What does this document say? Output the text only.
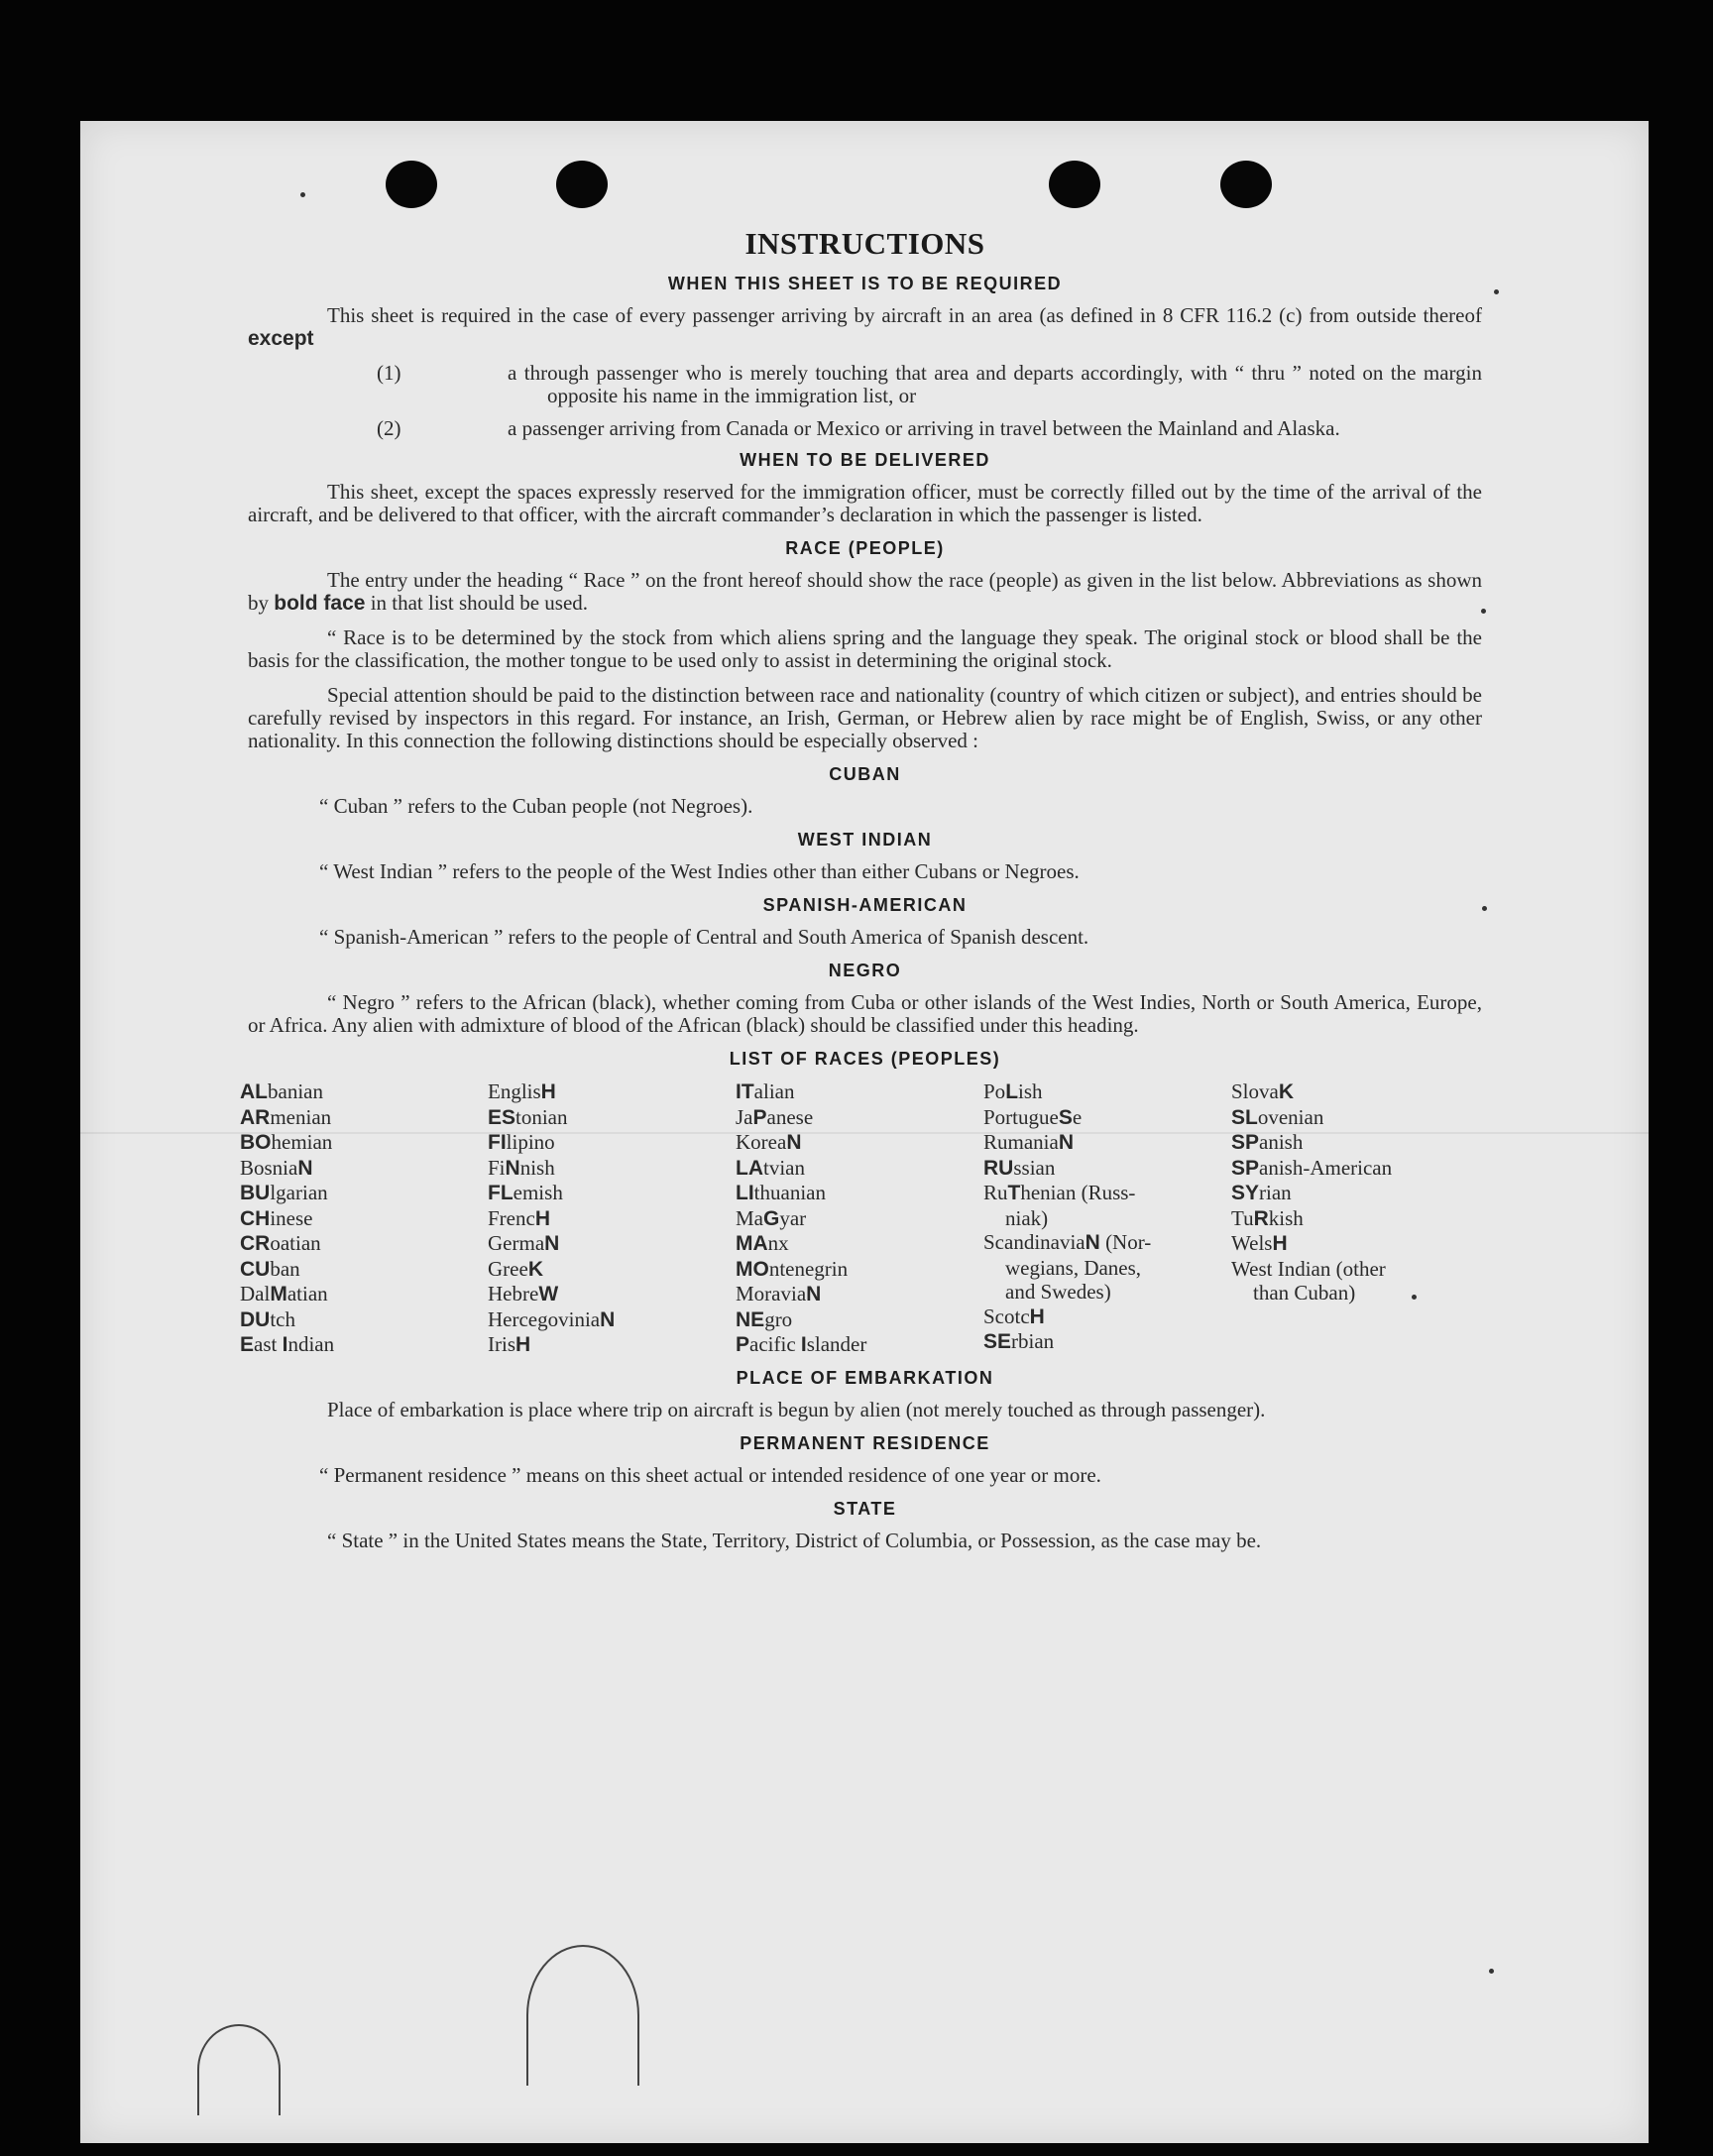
INSTRUCTIONS
WHEN THIS SHEET IS TO BE REQUIRED

This sheet is required in the case of every passenger arriving by aircraft in an area (as defined in 8 CFR 116.2 (c) from outside thereof except

(1)	a through passenger who is merely touching that area and departs accordingly, with “ thru ” noted on the margin opposite his name in the immigration list, or
(2)	a passenger arriving from Canada or Mexico or arriving in travel between the Mainland and Alaska.
WHEN TO BE DELIVERED

This sheet, except the spaces expressly reserved for the immigration officer, must be correctly filled out by the time of the arrival of the aircraft, and be delivered to that officer, with the aircraft commander’s declaration in which the passenger is listed.

RACE (PEOPLE)

The entry under the heading “ Race ” on the front hereof should show the race (people) as given in the list below. Abbreviations as shown by bold face in that list should be used.

“ Race is to be determined by the stock from which aliens spring and the language they speak. The original stock or blood shall be the basis for the classification, the mother tongue to be used only to assist in determining the original stock.

Special attention should be paid to the distinction between race and nationality (country of which citizen or subject), and entries should be carefully revised by inspectors in this regard. For instance, an Irish, German, or Hebrew alien by race might be of English, Swiss, or any other nationality. In this connection the following distinctions should be especially observed :

CUBAN
“ Cuban ” refers to the Cuban people (not Negroes).
WEST INDIAN
“ West Indian ” refers to the people of the West Indies other than either Cubans or Negroes.
SPANISH-AMERICAN
“ Spanish-American ” refers to the people of Central and South America of Spanish descent.
NEGRO

“ Negro ” refers to the African (black), whether coming from Cuba or other islands of the West Indies, North or South America, Europe, or Africa. Any alien with admixture of blood of the African (black) should be classified under this heading.

LIST OF RACES (PEOPLES)
ALbanian
ARmenian
BOhemian
BosniaN
BUlgarian
CHinese
CRoatian
CUban
DalMatian
DUtch
East Indian
EnglisH
EStonian
FIlipino
FiNnish
FLemish
FrencH
GermaN
GreeK
HebreW
HercegoviniaN
IrisH
ITalian
JaPanese
KoreaN
LAtvian
LIthuanian
MaGyar
MAnx
MOntenegrin
MoraviaN
NEgro
Pacific Islander
PoLish
PortugueSe
RumaniaN
RUssian
RuThenian (Russ-
niak)
ScandinaviaN (Nor-
wegians, Danes,
and Swedes)
ScotcH
SErbian
SlovaK
SLovenian
SPanish
SPanish-American
SYrian
TuRkish
WelsH
West Indian (other
than Cuban)
PLACE OF EMBARKATION

Place of embarkation is place where trip on aircraft is begun by alien (not merely touched as through passenger).

PERMANENT RESIDENCE
“ Permanent residence ” means on this sheet actual or intended residence of one year or more.
STATE

“ State ” in the United States means the State, Territory, District of Columbia, or Possession, as the case may be.
